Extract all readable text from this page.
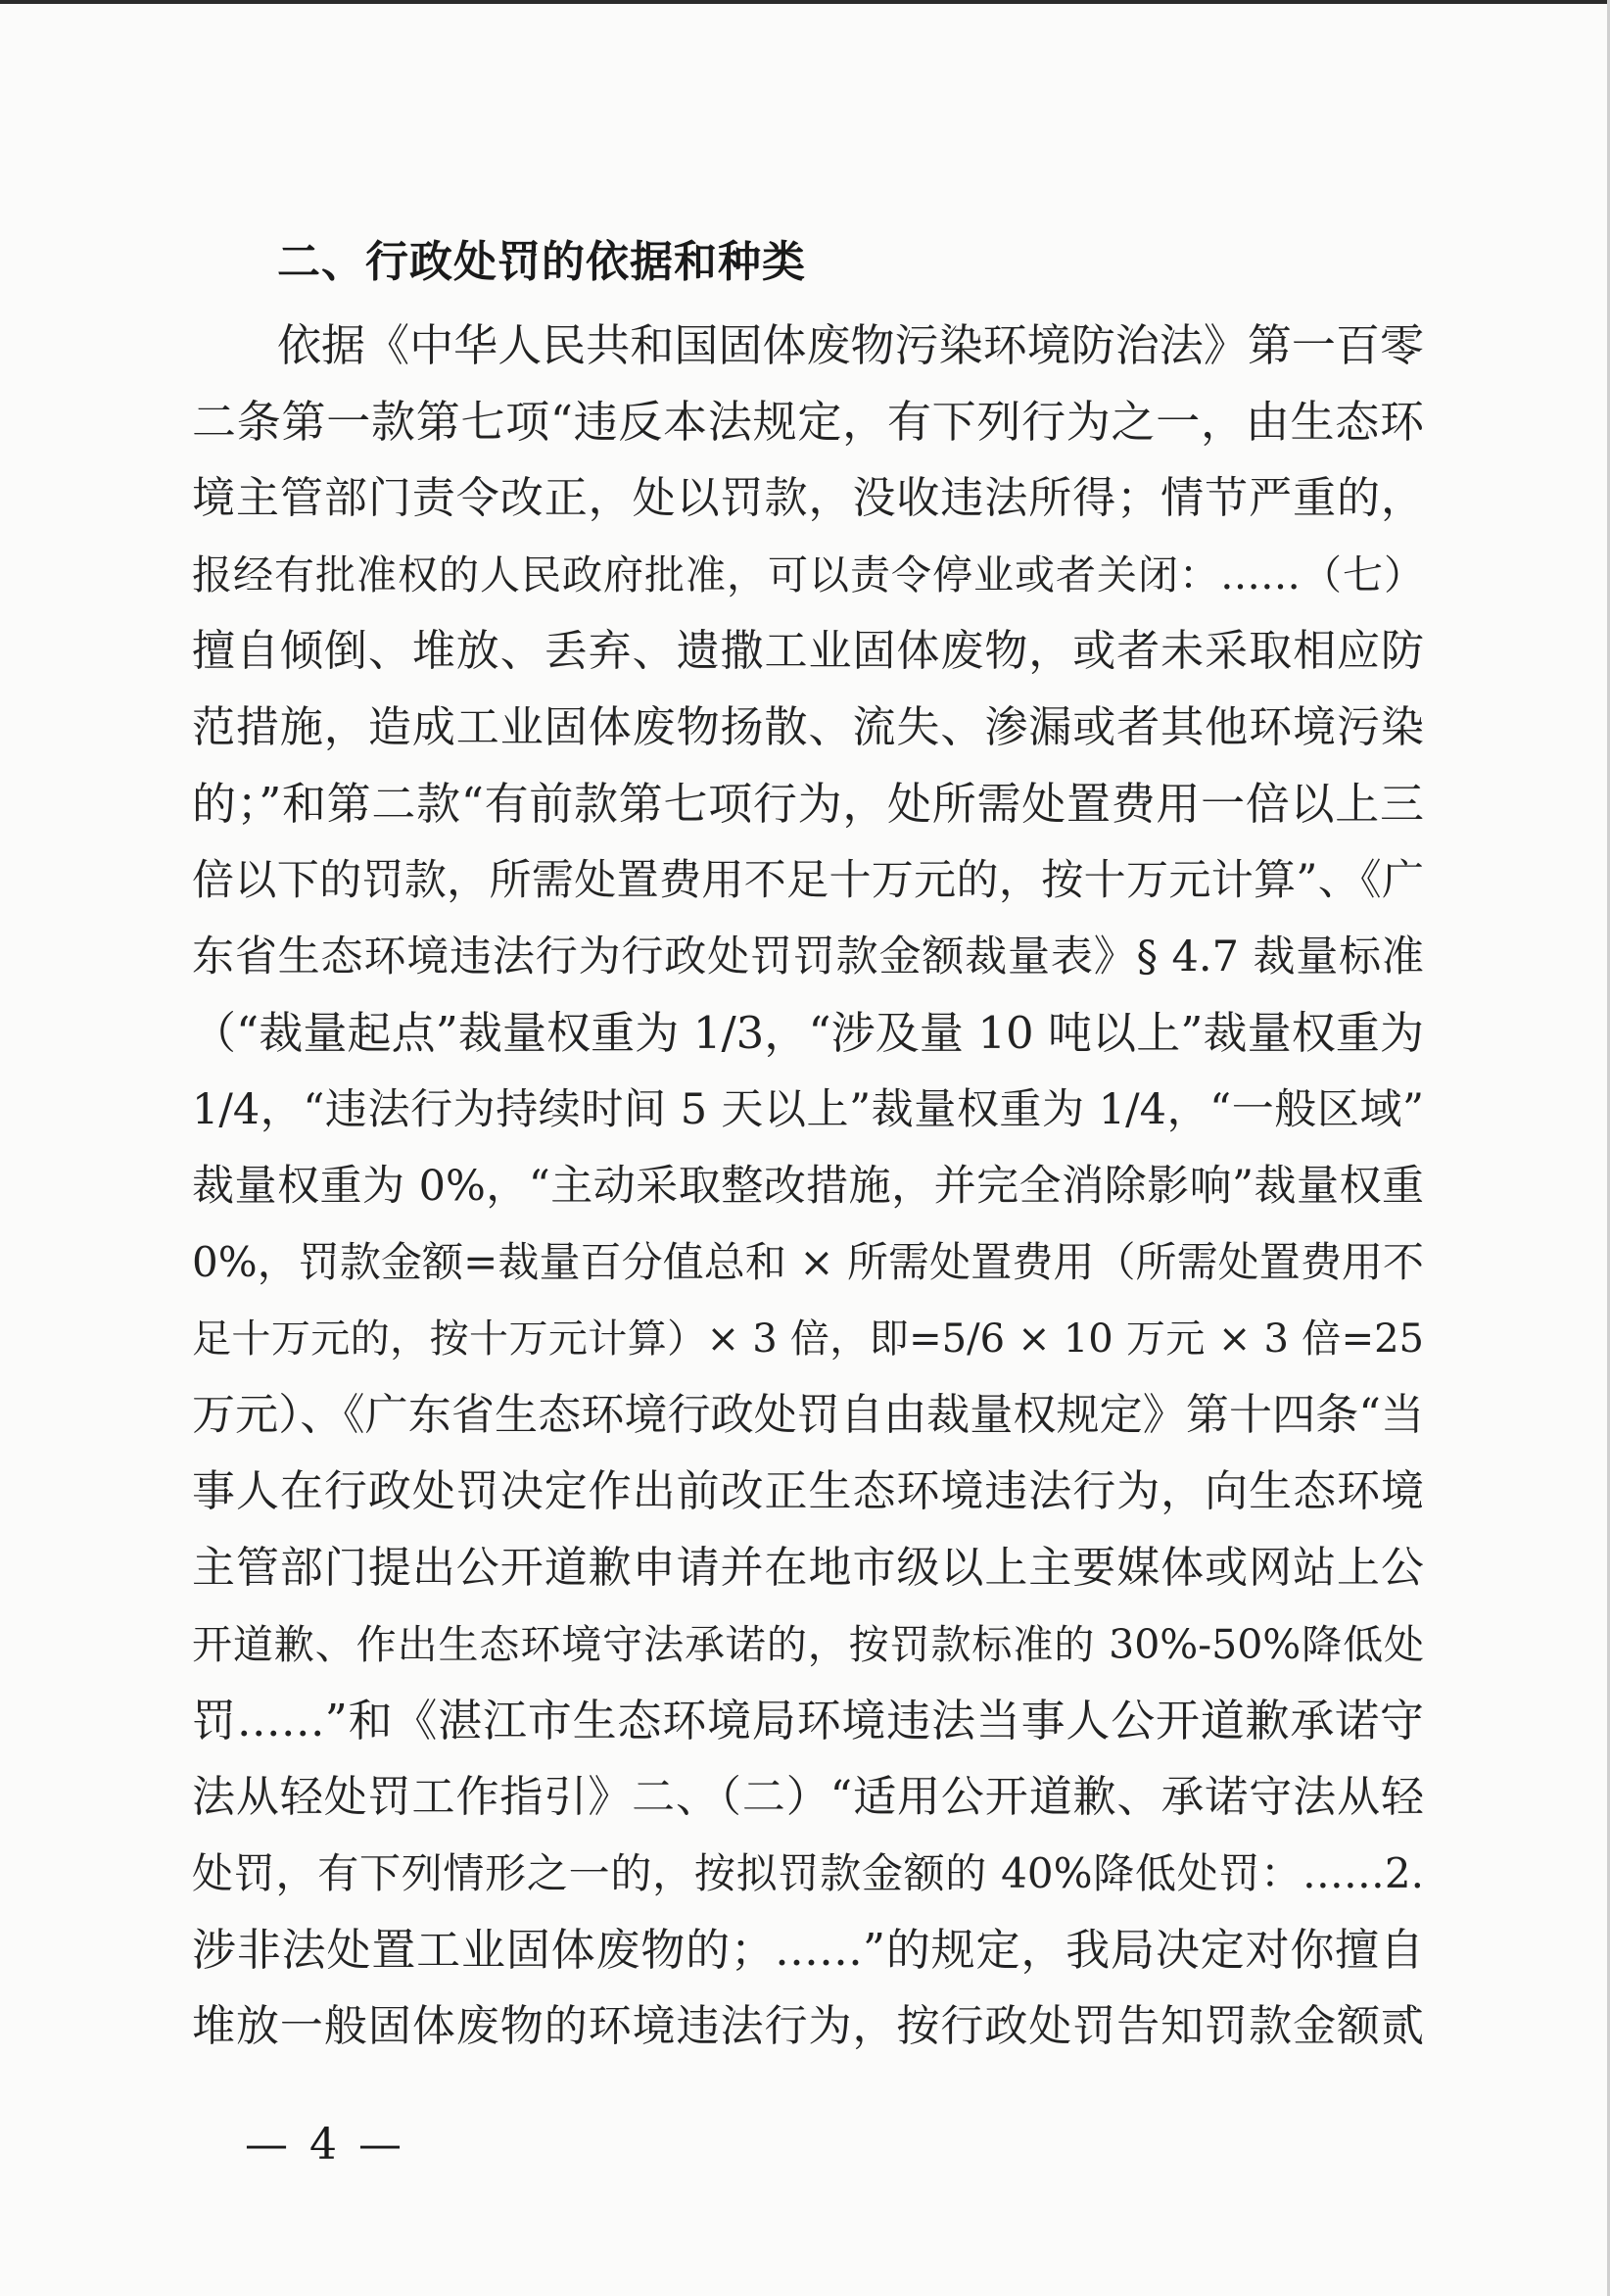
二、行政处罚的依据和种类
依据《中华人民共和国固体废物污染环境防治法》第一百零
二条第一款第七项“违反本法规定，有下列行为之一，由生态环
境主管部门责令改正，处以罚款，没收违法所得；情节严重的，
报经有批准权的人民政府批准，可以责令停业或者关闭：……（七）
擅自倾倒、堆放、丢弃、遗撒工业固体废物，或者未采取相应防
范措施，造成工业固体废物扬散、流失、渗漏或者其他环境污染
的；”和第二款“有前款第七项行为，处所需处置费用一倍以上三
倍以下的罚款，所需处置费用不足十万元的，按十万元计算”、《广
东省生态环境违法行为行政处罚罚款金额裁量表》§ 4.7 裁量标准
（“裁量起点”裁量权重为 1/3，“涉及量 10 吨以上”裁量权重为
1/4，“违法行为持续时间 5 天以上”裁量权重为 1/4，“一般区域”
裁量权重为 0%，“主动采取整改措施，并完全消除影响”裁量权重
0%，罚款金额=裁量百分值总和 × 所需处置费用（所需处置费用不
足十万元的，按十万元计算）× 3 倍，即=5/6 × 10 万元 × 3 倍=25
万元）、《广东省生态环境行政处罚自由裁量权规定》第十四条“当
事人在行政处罚决定作出前改正生态环境违法行为，向生态环境
主管部门提出公开道歉申请并在地市级以上主要媒体或网站上公
开道歉、作出生态环境守法承诺的，按罚款标准的 30%-50%降低处
罚……”和《湛江市生态环境局环境违法当事人公开道歉承诺守
法从轻处罚工作指引》二、（二）“适用公开道歉、承诺守法从轻
处罚，有下列情形之一的，按拟罚款金额的 40%降低处罚：……2.
涉非法处置工业固体废物的；……”的规定，我局决定对你擅自
堆放一般固体废物的环境违法行为，按行政处罚告知罚款金额贰
— 4 —
